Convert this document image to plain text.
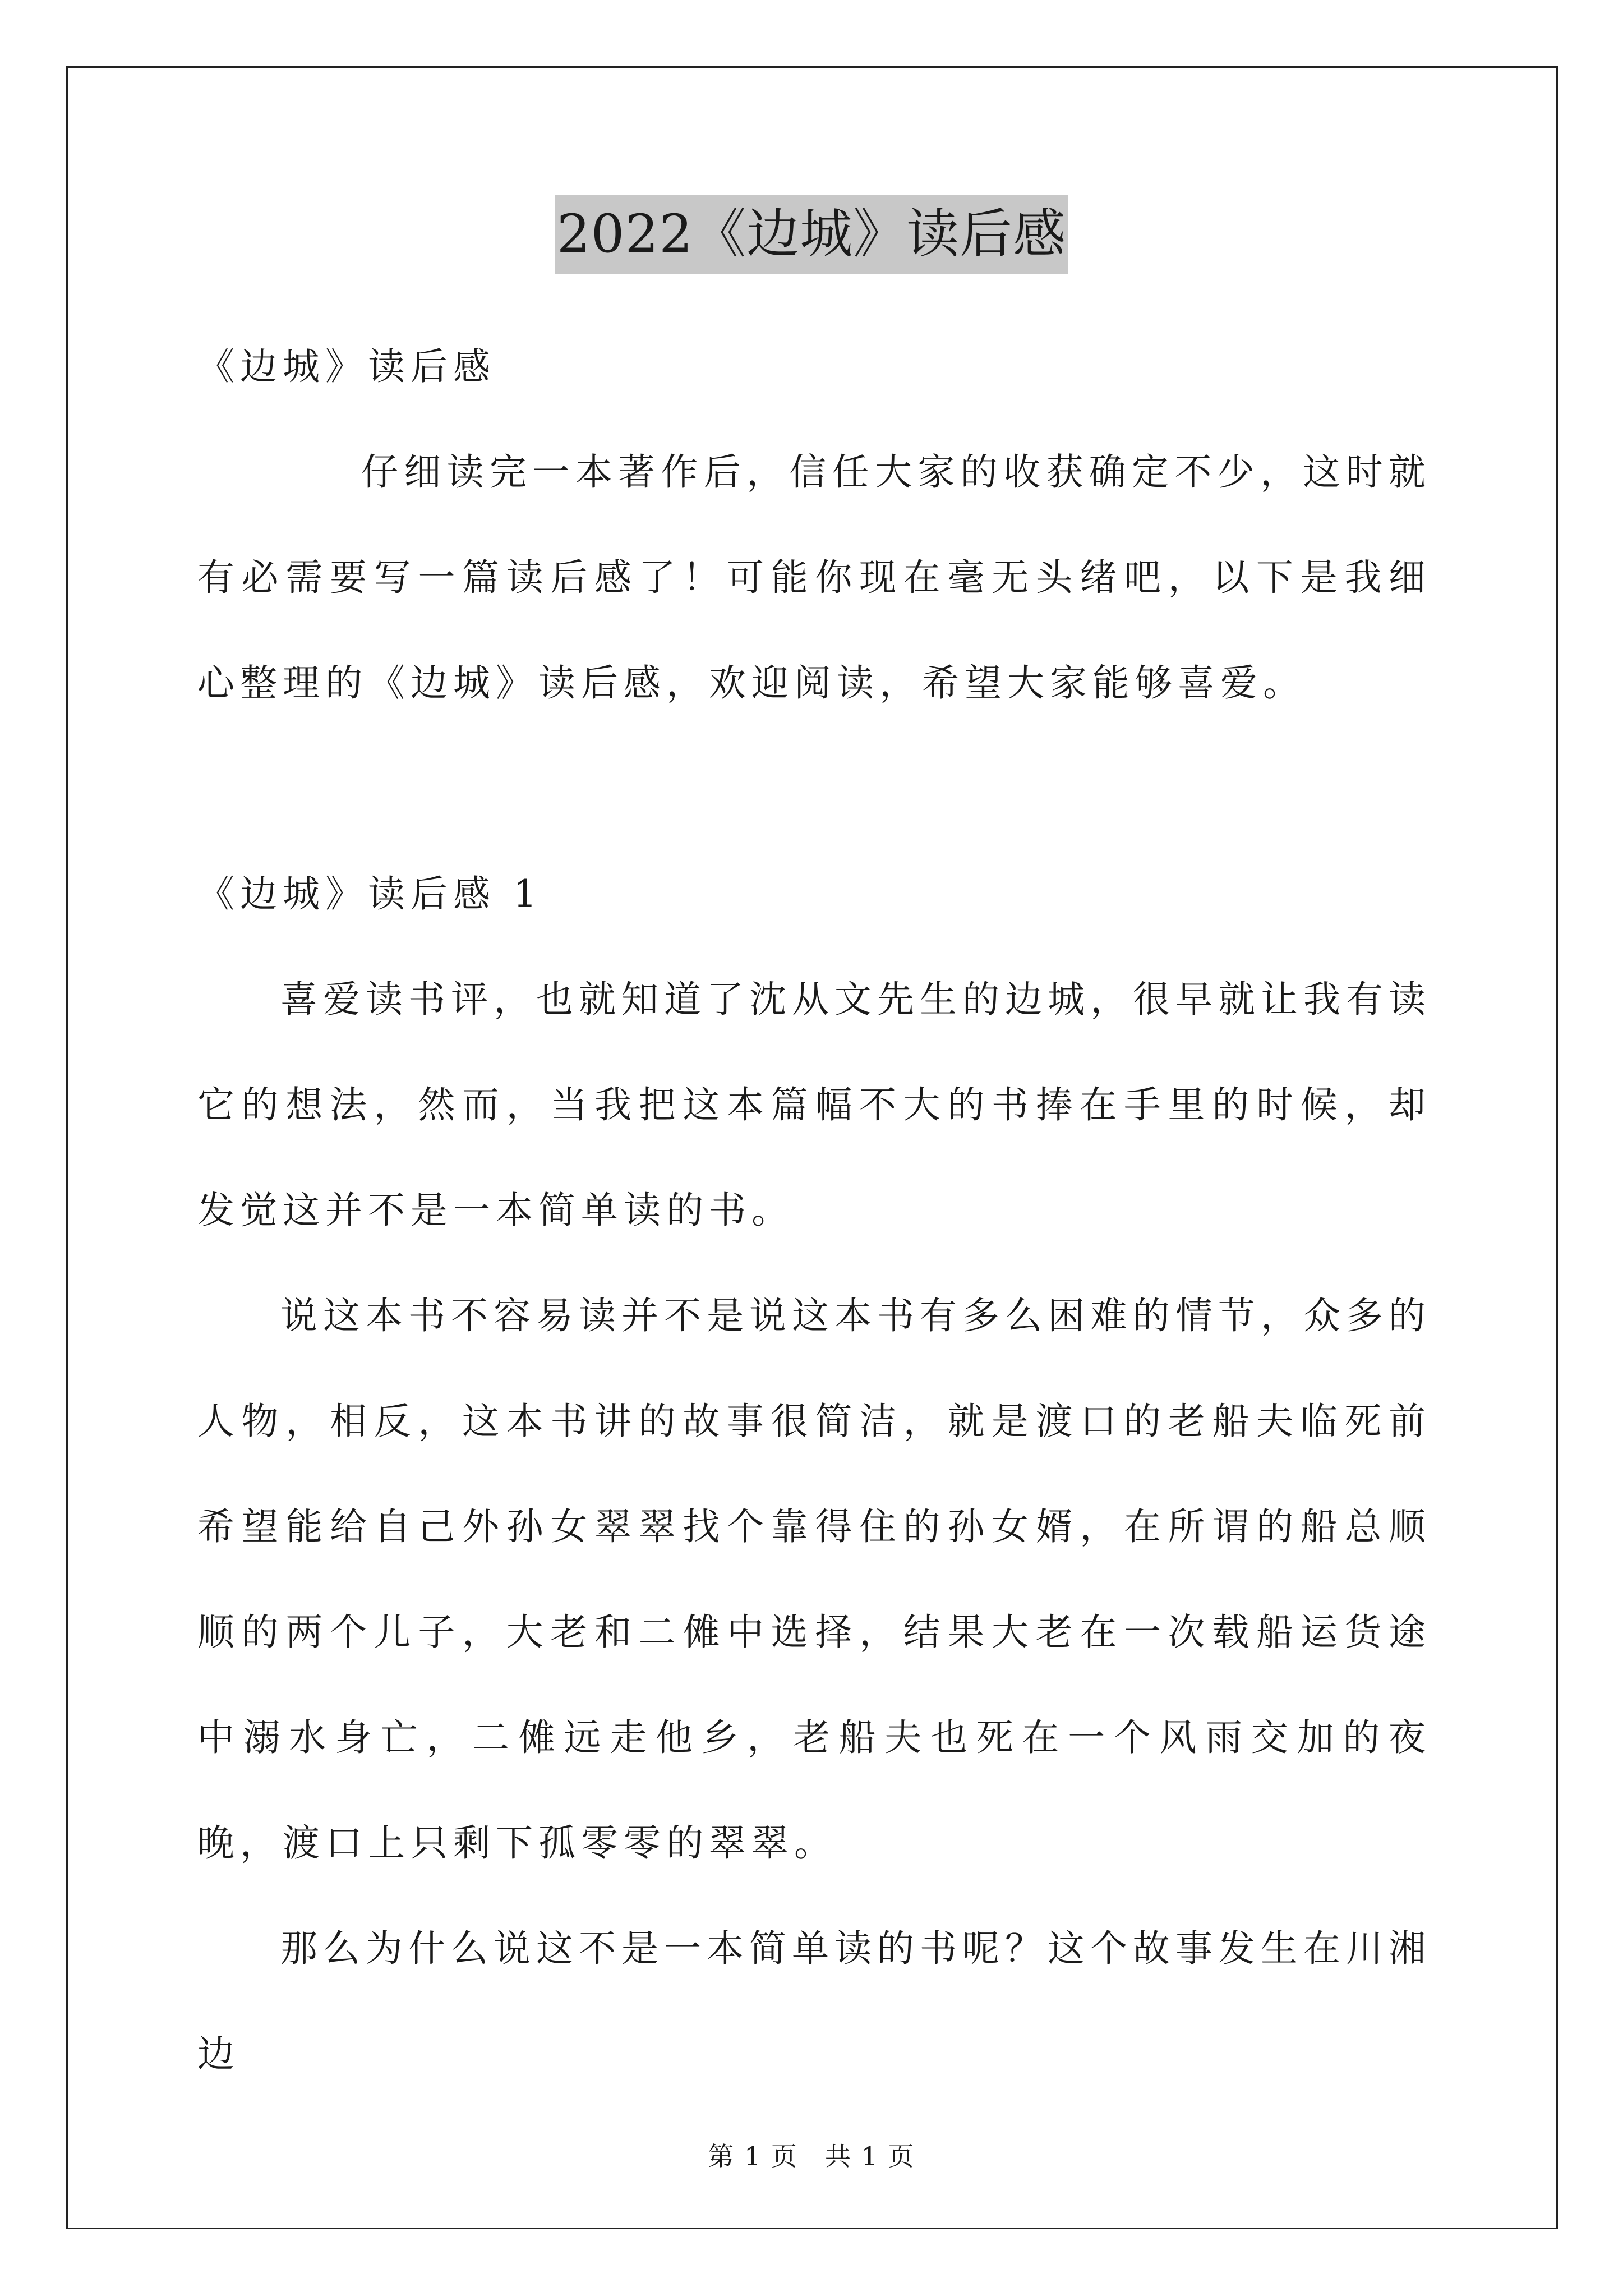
2022《边城》读后感

《边城》读后感

仔细读完一本著作后，信任大家的收获确定不少，这时就有必需要写一篇读后感了！可能你现在毫无头绪吧，以下是我细心整理的《边城》读后感，欢迎阅读，希望大家能够喜爱。

《边城》读后感 1

喜爱读书评，也就知道了沈从文先生的边城，很早就让我有读它的想法，然而，当我把这本篇幅不大的书捧在手里的时候，却发觉这并不是一本简单读的书。

说这本书不容易读并不是说这本书有多么困难的情节，众多的人物，相反，这本书讲的故事很简洁，就是渡口的老船夫临死前希望能给自己外孙女翠翠找个靠得住的孙女婿，在所谓的船总顺顺的两个儿子，大老和二傩中选择，结果大老在一次载船运货途中溺水身亡，二傩远走他乡，老船夫也死在一个风雨交加的夜晚，渡口上只剩下孤零零的翠翠。

那么为什么说这不是一本简单读的书呢？这个故事发生在川湘边

第 1 页 共 1 页
